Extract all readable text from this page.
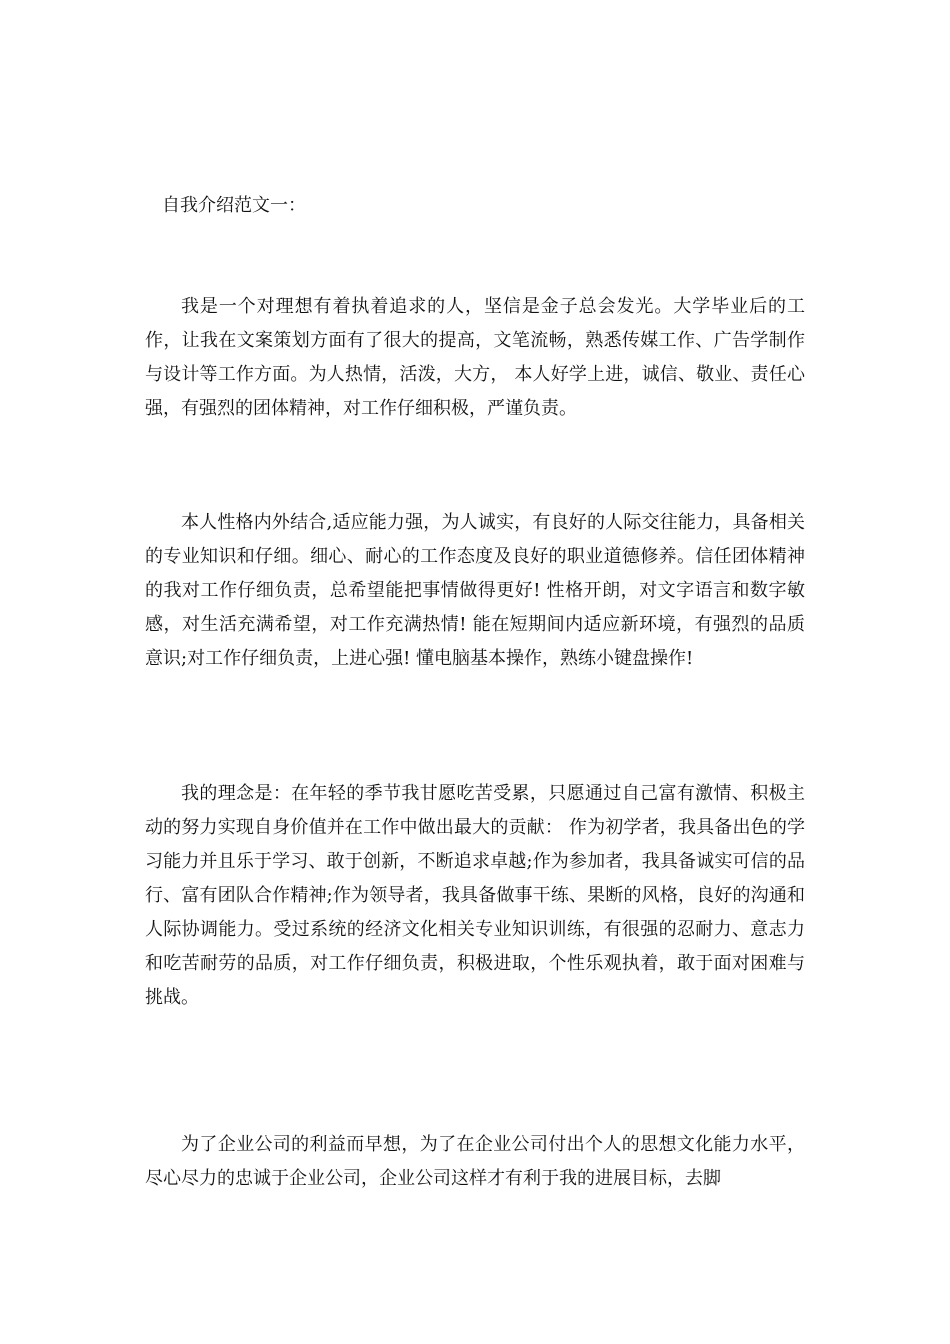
自我介绍范文一：

我是一个对理想有着执着追求的人，坚信是金子总会发光。大学毕业后的工作，让我在文案策划方面有了很大的提高，文笔流畅，熟悉传媒工作、广告学制作与设计等工作方面。为人热情，活泼，大方， 本人好学上进，诚信、敬业、责任心强，有强烈的团体精神，对工作仔细积极，严谨负责。

本人性格内外结合,适应能力强，为人诚实，有良好的人际交往能力，具备相关的专业知识和仔细。细心、耐心的工作态度及良好的职业道德修养。信任团体精神的我对工作仔细负责，总希望能把事情做得更好! 性格开朗，对文字语言和数字敏感，对生活充满希望，对工作充满热情! 能在短期间内适应新环境，有强烈的品质意识;对工作仔细负责，上进心强! 懂电脑基本操作，熟练小键盘操作!

我的理念是：在年轻的季节我甘愿吃苦受累，只愿通过自己富有激情、积极主动的努力实现自身价值并在工作中做出最大的贡献： 作为初学者，我具备出色的学习能力并且乐于学习、敢于创新，不断追求卓越;作为参加者，我具备诚实可信的品行、富有团队合作精神;作为领导者，我具备做事干练、果断的风格，良好的沟通和人际协调能力。受过系统的经济文化相关专业知识训练，有很强的忍耐力、意志力和吃苦耐劳的品质，对工作仔细负责，积极进取，个性乐观执着，敢于面对困难与挑战。

为了企业公司的利益而早想，为了在企业公司付出个人的思想文化能力水平，尽心尽力的忠诚于企业公司，企业公司这样才有利于我的进展目标，去脚
